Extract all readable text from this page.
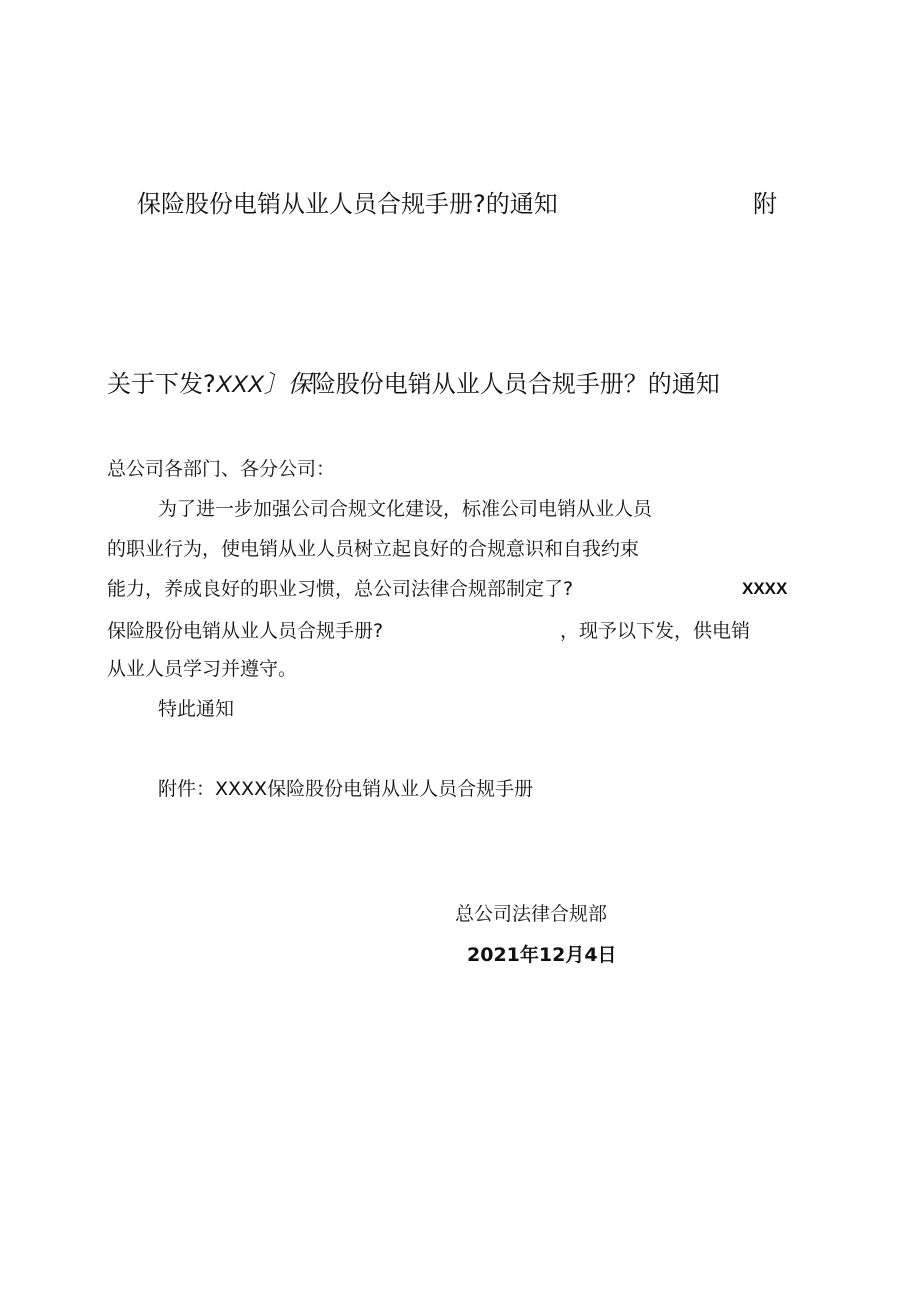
保险股份电销从业人员合规手册?的通知	附

关于下发?XXX〕保险股份电销从业人员合规手册？的通知

总公司各部门、各分公司：

为了进一步加强公司合规文化建设，标准公司电销从业人员

的职业行为，使电销从业人员树立起良好的合规意识和自我约束

能力，养成良好的职业习惯，总公司法律合规部制定了?	XXXX

保险股份电销从业人员合规手册?	，现予以下发，供电销

从业人员学习并遵守。

特此通知

附件：XXXX保险股份电销从业人员合规手册

总公司法律合规部

2021年12月4日
